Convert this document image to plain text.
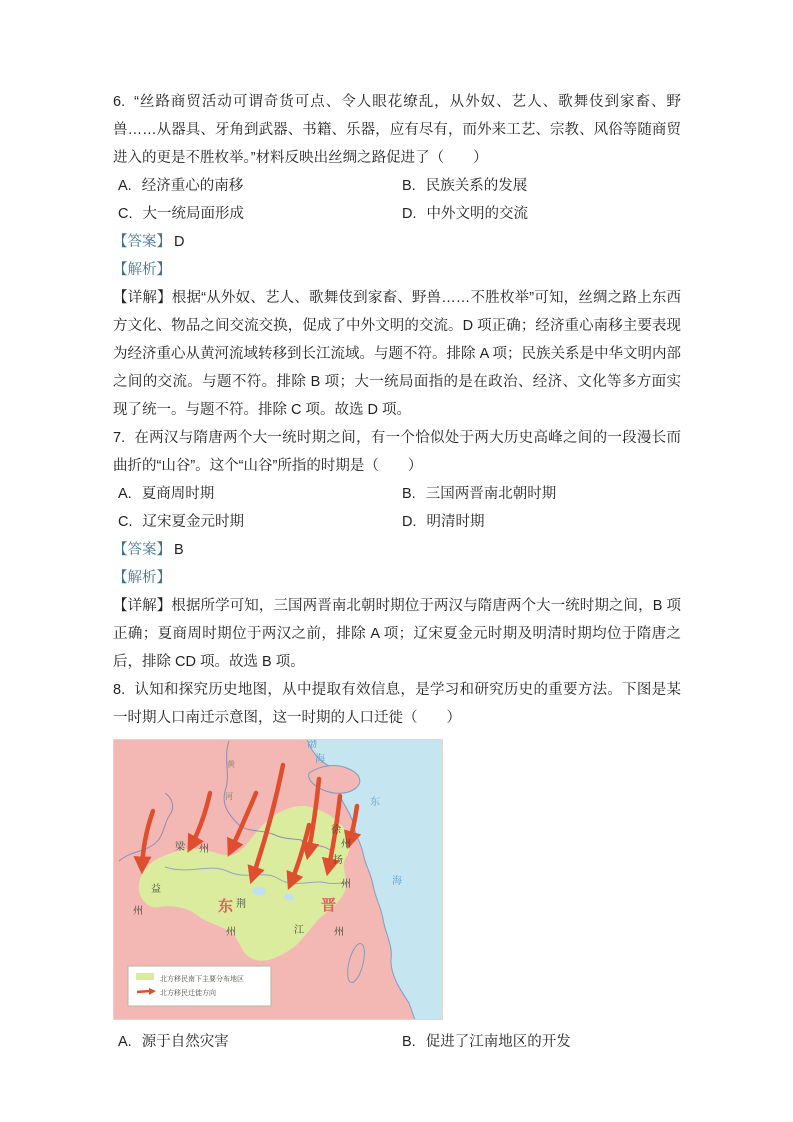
6. “丝路商贸活动可谓奇货可点、令人眼花缭乱，从外奴、艺人、歌舞伎到家畜、野兽……从器具、牙角到武器、书籍、乐器，应有尽有，而外来工艺、宗教、风俗等随商贸进入的更是不胜枚举。”材料反映出丝绸之路促进了（　　）

A. 经济重心的南移	B. 民族关系的发展
C. 大一统局面形成	D. 中外文明的交流

【答案】 D

【解析】

【详解】根据“从外奴、艺人、歌舞伎到家畜、野兽……不胜枚举”可知，丝绸之路上东西方文化、物品之间交流交换，促成了中外文明的交流。D 项正确；经济重心南移主要表现为经济重心从黄河流域转移到长江流域。与题不符。排除 A 项；民族关系是中华文明内部之间的交流。与题不符。排除 B 项；大一统局面指的是在政治、经济、文化等多方面实现了统一。与题不符。排除 C 项。故选 D 项。

7. 在两汉与隋唐两个大一统时期之间，有一个恰似处于两大历史高峰之间的一段漫长而曲折的“山谷”。这个“山谷”所指的时期是（　　）

A. 夏商周时期	B. 三国两晋南北朝时期
C. 辽宋夏金元时期	D. 明清时期

【答案】 B

【解析】

【详解】根据所学可知，三国两晋南北朝时期位于两汉与隋唐两个大一统时期之间，B 项正确；夏商周时期位于两汉之前，排除 A 项；辽宋夏金元时期及明清时期均位于隋唐之后，排除 CD 项。故选 B 项。

8. 认知和探究历史地图，从中提取有效信息，是学习和研究历史的重要方法。下图是某一时期人口南迁示意图，这一时期的人口迁徙（　　）

东	晋
梁 州
益
州
荆
州	江	州
徐
州
扬
州
渤
海
东
海
黄
河
北方移民南下主要分布地区
北方移民迁徙方向
A. 源于自然灾害	B. 促进了江南地区的开发
